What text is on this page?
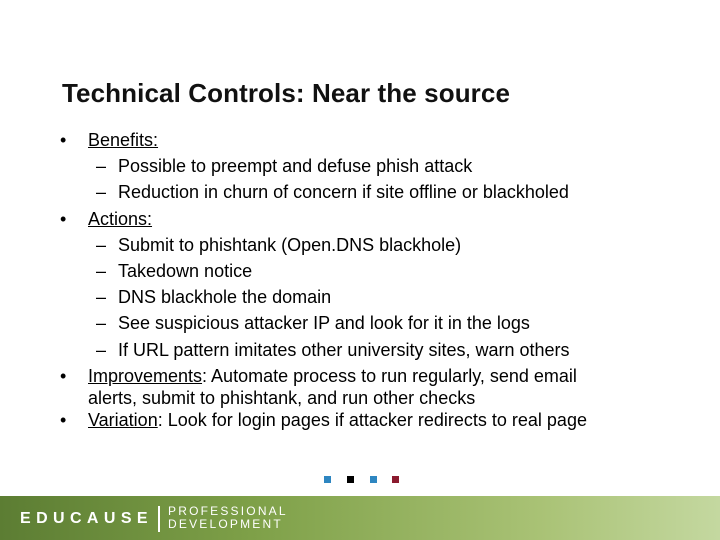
Technical Controls: Near the source
•	Benefits:
– Possible to preempt and defuse phish attack
– Reduction in churn of concern if site offline or blackholed
•	Actions:
– Submit to phishtank (Open.DNS blackhole)
– Takedown notice
– DNS blackhole the domain
– See suspicious attacker IP and look for it in the logs
– If URL pattern imitates other university sites, warn others
•	Improvements: Automate process to run regularly, send email
alerts, submit to phishtank, and run other checks
•	Variation: Look for login pages if attacker redirects to real page
EDUCAUSE PROFESSIONAL
DEVELOPMENT
